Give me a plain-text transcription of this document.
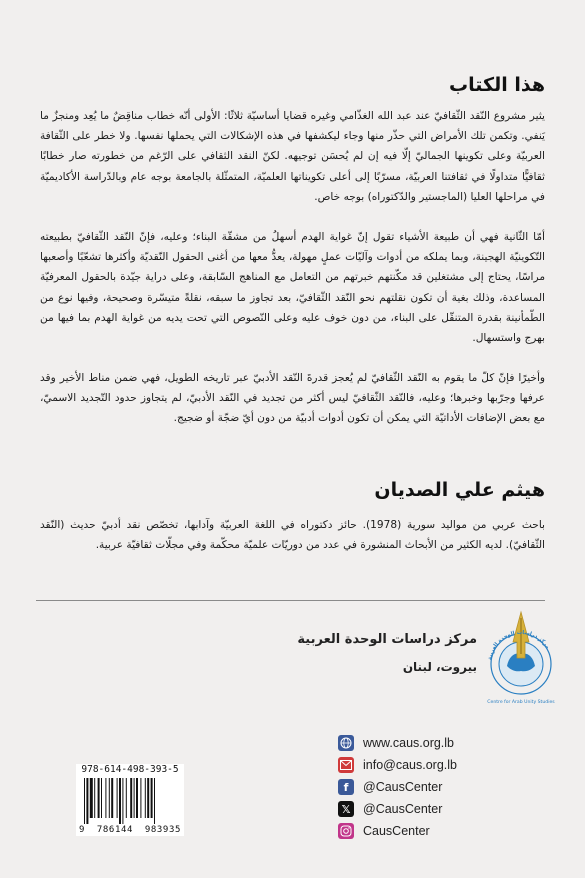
هذا الكتاب

يثير مشروع النّقد الثّقافيّ عند عبد الله الغذّامي وغيره قضايا أساسيّة ثلاثًا: الأولى أنّه خطاب مناقِضٌ ما يُعِد ومنجزٌ ما يَنفي. وتكمن تلك الأمراض التي حذّر منها وجاء ليكشفها في هذه الإشكالات التي يحملها نفسها. ولا خطر على الثّقافة العربيّة وعلى تكوينها الجماليّ إلّا فيه إن لم يُحسَن توجيهه. لكنّ النقد الثقافي على الرّغم من خطورته صار خطابًا ثقافيًّا متداولًا في ثقافتنا العربيّة، مسرّبًا إلى أعلى تكويناتها العلميّة، المتمثّلة بالجامعة بوجه عام وبالدّراسة الأكاديميّة في مراحلها العليا (الماجستير والدّكتوراه) بوجه خاص.

أمّا الثّانية فهي أن طبيعة الأشياء تقول إنّ غواية الهدم أسهلُ من مشقّة البناء؛ وعليه، فإنّ النّقد الثّقافيّ بطبيعته التّكوينيّة الهجينة، وبما يملكه من أدوات وآليّات عملٍ مهولة، يعدُّ معها من أغنى الحقول النّقديّة وأكثرها تشعّبًا وأصعبها مراسًا، يحتاج إلى مشتغلين قد مكّنتهم خبرتهم من التعامل مع المناهج السّابقة، وعلى دراية جيّدة بالحقول المعرفيّة المساعدة، وذلك بغية أن تكون نقلتهم نحو النّقد الثّقافيّ، بعد تجاوز ما سبقه، نقلةً متيسّرة وصحيحة، وفيها نوع من الطّمأنينة بقدرة المتنقّل على البناء، من دون خوف عليه وعلى النّصوص التي تحت يديه من غواية الهدم بما فيها من بهرج واستسهال.

وأخيرًا فإنّ كلّ ما يقوم به النّقد الثّقافيّ لم يُعجز قدرةَ النّقد الأدبيّ عبر تاريخه الطويل، فهي ضمن مناط الأخير وقد عرفها وجرّبها وخبرها؛ وعليه، فالنّقد الثّقافيّ ليس أكثر من تجديد في النّقد الأدبيّ، لم يتجاوز حدود التّجديد الاسميّ، مع بعض الإضافات الأداتيّة التي يمكن أن تكون أدوات أدبيّة من دون أيّ ضجّة أو ضجيج.

هيثم علي الصديان

باحث عربي من مواليد سورية (1978). حائز دكتوراه في اللغة العربيّة وآدابها، تخصّص نقد أدبيّ حديث (النّقد الثّقافيّ). لديه الكثير من الأبحاث المنشورة في عدد من دوريّات علميّة محكّمة وفي مجلّات ثقافيّة عربية.

مركز دراسات الوحدة العربية
Centre for Arab Unity Studies
مركز دراسات الوحدة العربية
بيروت، لبنان
www.caus.org.lb
info@caus.org.lb
f	@CausCenter
𝕏 @CausCenter
CausCenter
978-614-498-393-5
9 786144 983935
